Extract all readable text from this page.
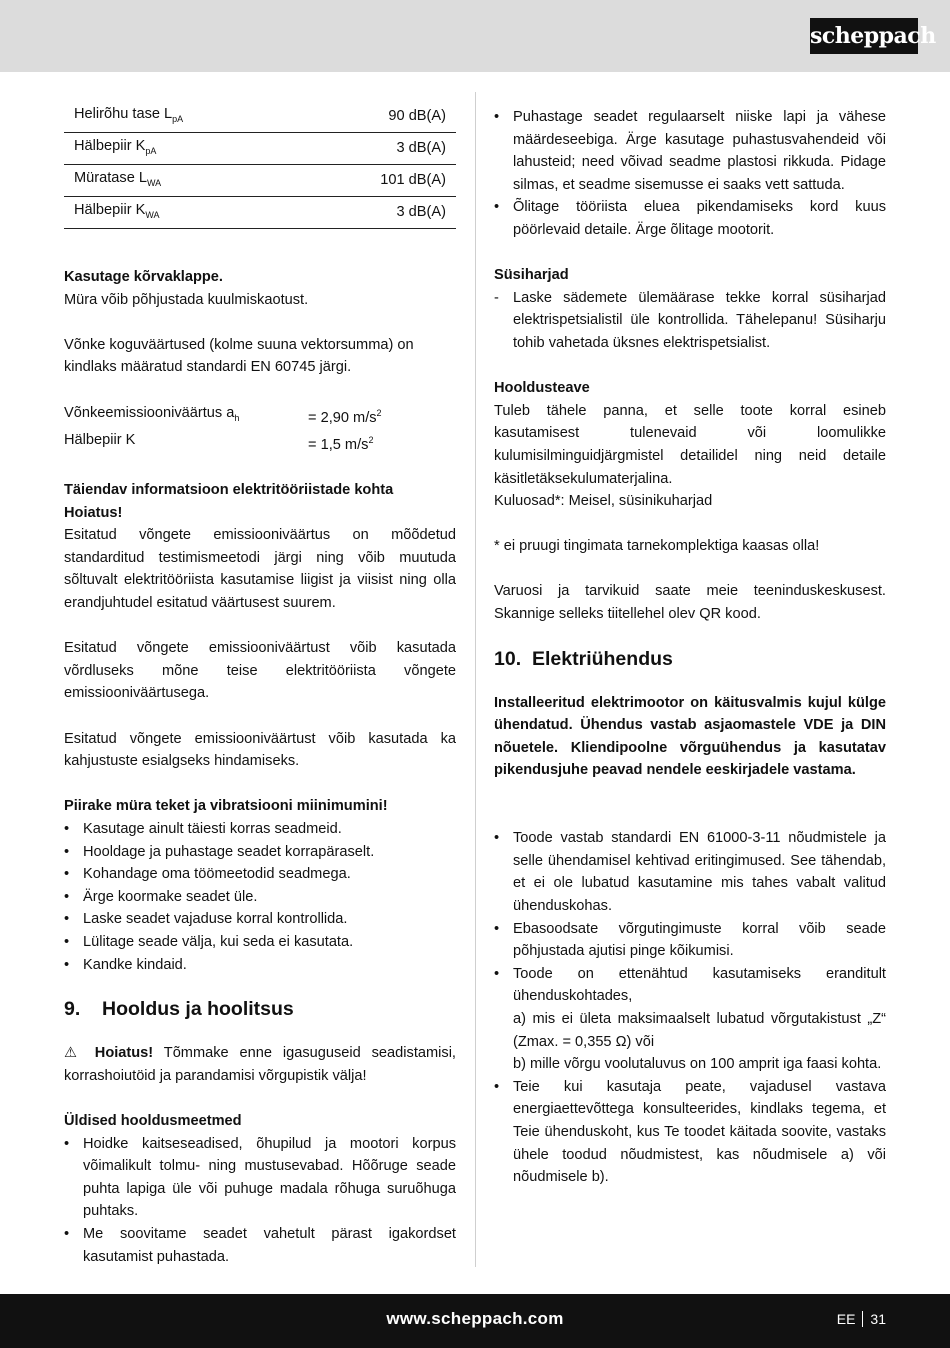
scheppach
Helirõhu tase $L_{pA}$	90 dB(A)
Hälbepiir $K_{pA}$	3 dB(A)
Müratase $L_{WA}$	101 dB(A)
Hälbepiir $K_{WA}$	3 dB(A)

Kasutage kõrvaklappe.

Müra võib põhjustada kuulmiskaotust.

Võnke koguväärtused (kolme suuna vektorsumma) on kindlaks määratud standardi EN 60745 järgi.

Võnkeemissiooniväärtus $a_h$	= 2,90 $m/s^2$
Hälbepiir K	= 1,5 $m/s^2$

Täiendav informatsioon elektritööriistade kohta

Hoiatus!

Esitatud võngete emissiooniväärtus on mõõdetud standarditud testimismeetodi järgi ning võib muutuda sõltuvalt elektritööriista kasutamise liigist ja viisist ning olla erandjuhtudel esitatud väärtusest suurem.

Esitatud võngete emissiooniväärtust võib kasutada võrdluseks mõne teise elektritööriista võngete emissiooniväärtusega.

Esitatud võngete emissiooniväärtust võib kasutada ka kahjustuste esialgseks hindamiseks.

Piirake müra teket ja vibratsiooni miinimumini!

• Kasutage ainult täiesti korras seadmeid.
• Hooldage ja puhastage seadet korrapäraselt.
• Kohandage oma töömeetodid seadmega.
• Ärge koormake seadet üle.
• Laske seadet vajaduse korral kontrollida.
• Lülitage seade välja, kui seda ei kasutata.
• Kandke kindaid.
9. Hooldus ja hoolitsus

⚠ Hoiatus! Tõmmake enne igasuguseid seadistamisi, korrashoiutöid ja parandamisi võrgupistik välja!

Üldised hooldusmeetmed

• Hoidke kaitseseadised, õhupilud ja mootori korpus võimalikult tolmu- ning mustusevabad. Hõõruge seade puhta lapiga üle või puhuge madala rõhuga suruõhuga puhtaks.
• Me soovitame seadet vahetult pärast igakordset kasutamist puhastada.
• Puhastage seadet regulaarselt niiske lapi ja vähese määrdeseebiga. Ärge kasutage puhastusvahendeid või lahusteid; need võivad seadme plastosi rikkuda. Pidage silmas, et seadme sisemusse ei saaks vett sattuda.
• Õlitage tööriista eluea pikendamiseks kord kuus pöörlevaid detaile. Ärge õlitage mootorit.

Süsiharjad

- Laske sädemete ülemäärase tekke korral süsiharjad elektrispetsialistil üle kontrollida. Tähelepanu! Süsiharju tohib vahetada üksnes elektrispetsialist.

Hooldusteave

Tuleb tähele panna, et selle toote korral esineb kasutamisest tulenevaid või loomulikke kulumisilminguidjärgmistel detailidel ning neid detaile käsitletäksekulumaterjalina.

Kuluosad*: Meisel, süsinikuharjad

* ei pruugi tingimata tarnekomplektiga kaasas olla!

Varuosi ja tarvikuid saate meie teeninduskeskusest. Skannige selleks tiitellehel olev QR kood.

10. Elektriühendus

Installeeritud elektrimootor on käitusvalmis kujul külge ühendatud. Ühendus vastab asjaomastele VDE ja DIN nõuetele. Kliendipoolne võrguühendus ja kasutatav pikendusjuhe peavad nendele eeskirjadele vastama.

• Toode vastab standardi EN 61000-3-11 nõudmistele ja selle ühendamisel kehtivad eritingimused. See tähendab, et ei ole lubatud kasutamine mis tahes vabalt valitud ühenduskohas.
• Ebasoodsate võrgutingimuste korral võib seade põhjustada ajutisi pinge kõikumisi.
• Toode on ettenähtud kasutamiseks eranditult ühenduskohtades,
a) mis ei ületa maksimaalselt lubatud võrgutakistust „Z“ (Zmax. = 0,355 Ω) või
b) mille võrgu voolutaluvus on 100 amprit iga faasi kohta.
• Teie kui kasutaja peate, vajadusel vastava energiaettevõttega konsulteerides, kindlaks tegema, et Teie ühenduskoht, kus Te toodet käitada soovite, vastaks ühele toodud nõudmistest, kas nõudmisele a) või nõudmisele b).
www.scheppach.com	EE 31
